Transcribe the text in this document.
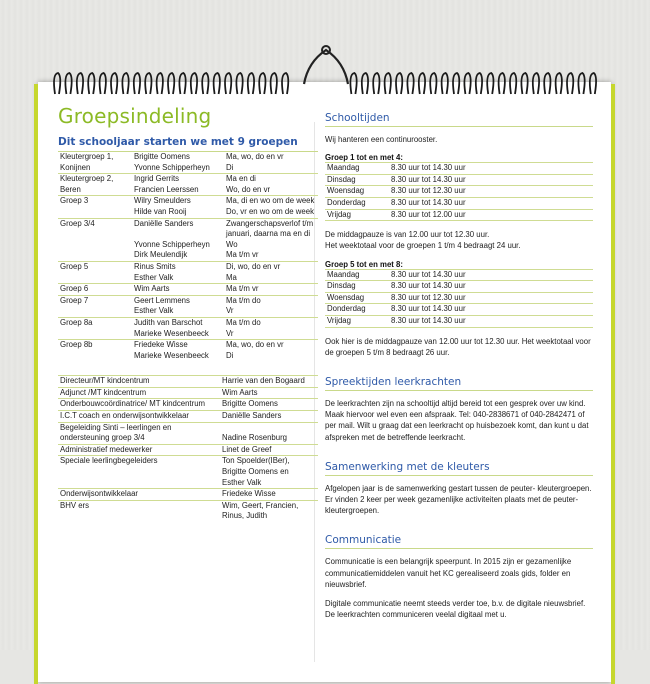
Groepsindeling
Dit schooljaar starten we met 9 groepen
Kleutergroep 1,	Brigitte Oomens	Ma, wo, do en vr
Konijnen	Yvonne Schipperheyn	Di
Kleutergroep 2,	Ingrid Gerrits	Ma en di
Beren	Francien Leerssen	Wo, do en vr
Groep 3	Wilry Smeulders	Ma, di en wo om de week
	Hilde van Rooij	Do, vr en wo om de week
Groep 3/4	Daniëlle Sanders	Zwangerschapsverlof t/m
		januari, daarna ma en di
	Yvonne Schipperheyn	Wo
	Dirk Meulendijk	Ma t/m vr
Groep 5	Rinus Smits	Di, wo, do en vr
	Esther Valk	Ma
Groep 6	Wim Aarts	Ma t/m vr
Groep 7	Geert Lemmens	Ma t/m do
	Esther Valk	Vr
Groep 8a	Judith van Barschot	Ma t/m do
	Marieke Wesenbeeck	Vr
Groep 8b	Friedeke Wisse	Ma, wo, do en vr
	Marieke Wesenbeeck	Di
Directeur/MT kindcentrum	Harrie van den Bogaard
Adjunct /MT kindcentrum	Wim Aarts
Onderbouwcoördinatrice/ MT kindcentrum	Brigitte Oomens
I.C.T coach en onderwijsontwikkelaar	Daniëlle Sanders
Begeleiding Sinti – leerlingen en	
ondersteuning groep 3/4	Nadine Rosenburg
Administratief medewerker	Linet de Greef
Speciale leerlingbegeleiders	Ton Spoelder(IBer),
	Brigitte Oomens en
	Esther Valk
Onderwijsontwikkelaar	Friedeke Wisse
BHV ers	Wim, Geert, Francien,
	Rinus, Judith
Schooltijden

Wij hanteren een continurooster.

Groep 1 tot en met 4:
Maandag	8.30 uur tot 14.30 uur
Dinsdag	8.30 uur tot 14.30 uur
Woensdag	8.30 uur tot 12.30 uur
Donderdag	8.30 uur tot 14.30 uur
Vrijdag	8.30 uur tot 12.00 uur

De middagpauze is van 12.00 uur tot 12.30 uur.

Het weektotaal voor de groepen 1 t/m 4 bedraagt 24 uur.

Groep 5 tot en met 8:
Maandag	8.30 uur tot 14.30 uur
Dinsdag	8.30 uur tot 14.30 uur
Woensdag	8.30 uur tot 12.30 uur
Donderdag	8.30 uur tot 14.30 uur
Vrijdag	8.30 uur tot 14.30 uur

Ook hier is de middagpauze van 12.00 uur tot 12.30 uur. Het weektotaal voor de groepen 5 t/m 8 bedraagt 26 uur.

Spreektijden leerkrachten

De leerkrachten zijn na schooltijd altijd bereid tot een gesprek over uw kind. Maak hiervoor wel even een afspraak. Tel: 040-2838671 of 040-2842471 of per mail. Wilt u graag dat een leerkracht op huisbezoek komt, dan kunt u dat afspreken met de betreffende leerkracht.

Samenwerking met de kleuters

Afgelopen jaar is de samenwerking gestart tussen de peuter- kleutergroepen. Er vinden 2 keer per week gezamenlijke activiteiten plaats met de peuter-kleutergroepen.

Communicatie

Communicatie is een belangrijk speerpunt. In 2015 zijn er gezamenlijke communicatiemiddelen vanuit het KC gerealiseerd zoals gids, folder en nieuwsbrief.

Digitale communicatie neemt steeds verder toe, b.v. de digitale nieuwsbrief. De leerkrachten communiceren veelal digitaal met u.
